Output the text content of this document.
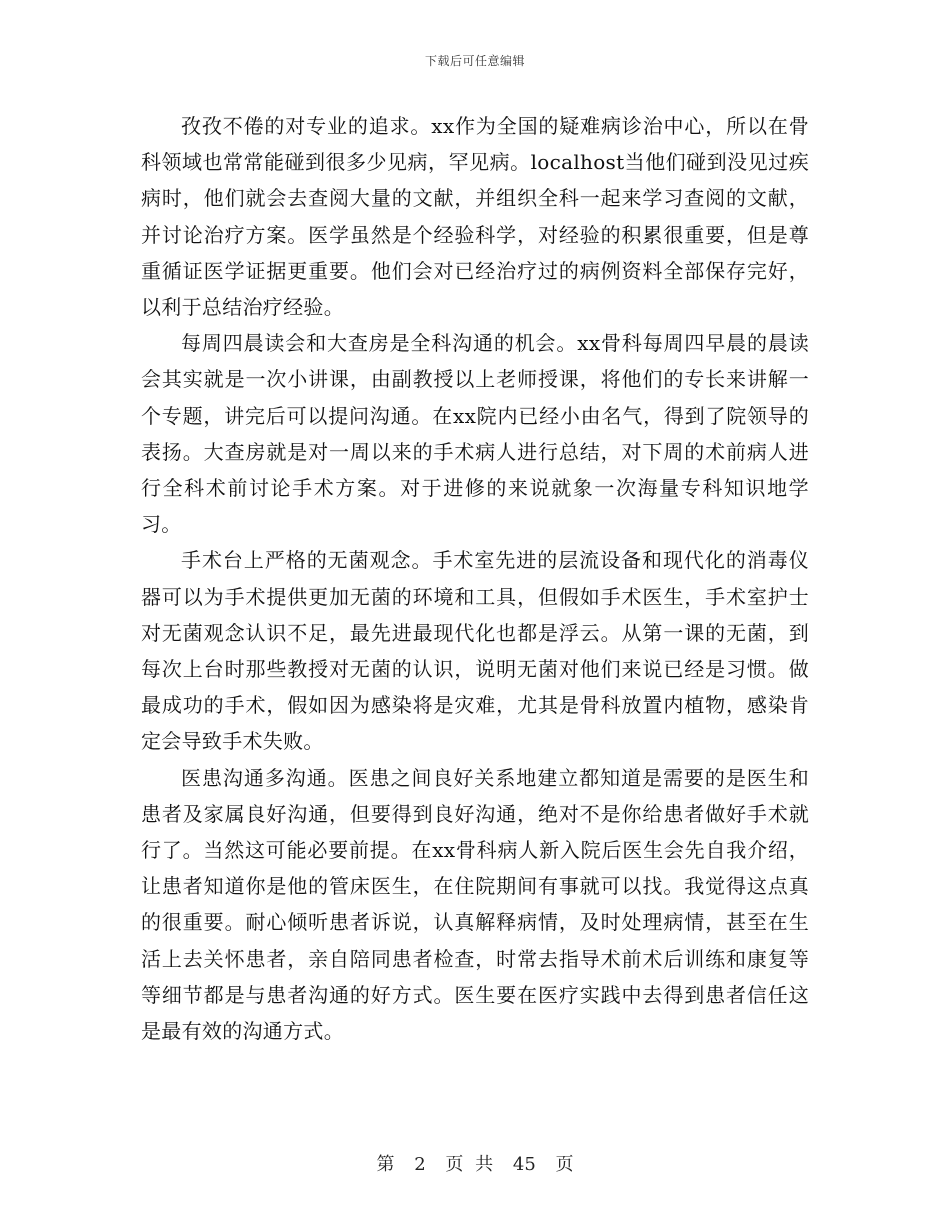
下载后可任意编辑

孜孜不倦的对专业的追求。xx作为全国的疑难病诊治中心，所以在骨科领域也常常能碰到很多少见病，罕见病。localhost当他们碰到没见过疾病时，他们就会去查阅大量的文献，并组织全科一起来学习查阅的文献，并讨论治疗方案。医学虽然是个经验科学，对经验的积累很重要，但是尊重循证医学证据更重要。他们会对已经治疗过的病例资料全部保存完好，以利于总结治疗经验。

每周四晨读会和大查房是全科沟通的机会。xx骨科每周四早晨的晨读会其实就是一次小讲课，由副教授以上老师授课，将他们的专长来讲解一个专题，讲完后可以提问沟通。在xx院内已经小由名气，得到了院领导的表扬。大查房就是对一周以来的手术病人进行总结，对下周的术前病人进行全科术前讨论手术方案。对于进修的来说就象一次海量专科知识地学习。

手术台上严格的无菌观念。手术室先进的层流设备和现代化的消毒仪器可以为手术提供更加无菌的环境和工具，但假如手术医生，手术室护士对无菌观念认识不足，最先进最现代化也都是浮云。从第一课的无菌，到每次上台时那些教授对无菌的认识，说明无菌对他们来说已经是习惯。做最成功的手术，假如因为感染将是灾难，尤其是骨科放置内植物，感染肯定会导致手术失败。

医患沟通多沟通。医患之间良好关系地建立都知道是需要的是医生和患者及家属良好沟通，但要得到良好沟通，绝对不是你给患者做好手术就行了。当然这可能必要前提。在xx骨科病人新入院后医生会先自我介绍，让患者知道你是他的管床医生，在住院期间有事就可以找。我觉得这点真的很重要。耐心倾听患者诉说，认真解释病情，及时处理病情，甚至在生活上去关怀患者，亲自陪同患者检查，时常去指导术前术后训练和康复等等细节都是与患者沟通的好方式。医生要在医疗实践中去得到患者信任这是最有效的沟通方式。

第 2 页 共 45 页
